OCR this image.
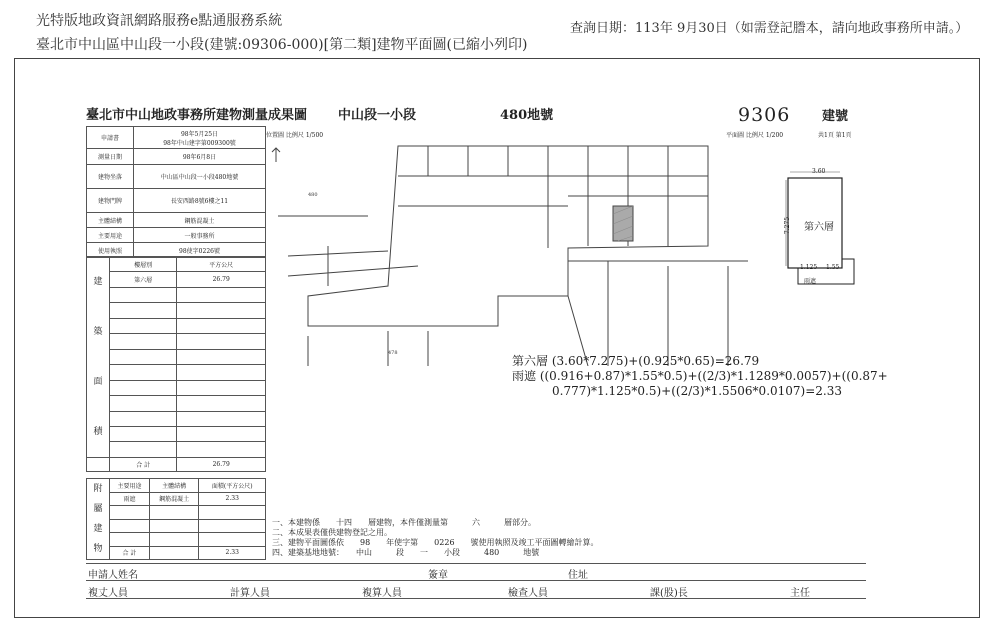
光特版地政資訊網路服務e點通服務系統
臺北市中山區中山段一小段(建號:09306-000)[第二類]建物平面圖(已縮小列印)
查詢日期：113年 9月30日（如需登記謄本，請向地政事務所申請。）
臺北市中山地政事務所建物測量成果圖 中山段一小段	480地號	9306 建號
位置圖 比例尺 1/500	平面圖 比例尺 1/200	共1頁 第1頁
申請書	98年5月25日
98年中山建字第009300號
測量日期	98年6月8日
建物坐落	中山區中山段一小段480地號
建物門牌	長安西路8號6樓之11
主體結構	鋼筋混凝土
主要用途	一般事務所
使用執照	98使字0226號
建
築
面
積	樓層別	平方公尺
	第六層	26.79

	合 計	26.79
附
屬
建
物	主要用途	主體結構	面積(平方公尺)
	雨遮	鋼筋混凝土	2.33

	合 計		2.33
480
478
3.60
7.275 第六層
1.125 1.55
雨遮
第六層 (3.60*7.275)+(0.925*0.65)=26.79
雨遮 ((0.916+0.87)*1.55*0.5)+((2/3)*1.1289*0.0057)+((0.87+
0.777)*1.125*0.5)+((2/3)*1.5506*0.0107)=2.33
一、本建物係　　十四　　層建物，本件僅測量第　　　六　　　層部分。
二、本成果表僅供建物登記之用。
三、建物平面圖係依　　98　　年使字第　　0226　　號使用執照及竣工平面圖轉繪計算。
四、建築基地地號：　　中山　　　段　　一　　小段　　　480　　　地號
申請人姓名	簽章	住址
複丈人員	計算人員	複算人員	檢查人員	課(股)長	主任
